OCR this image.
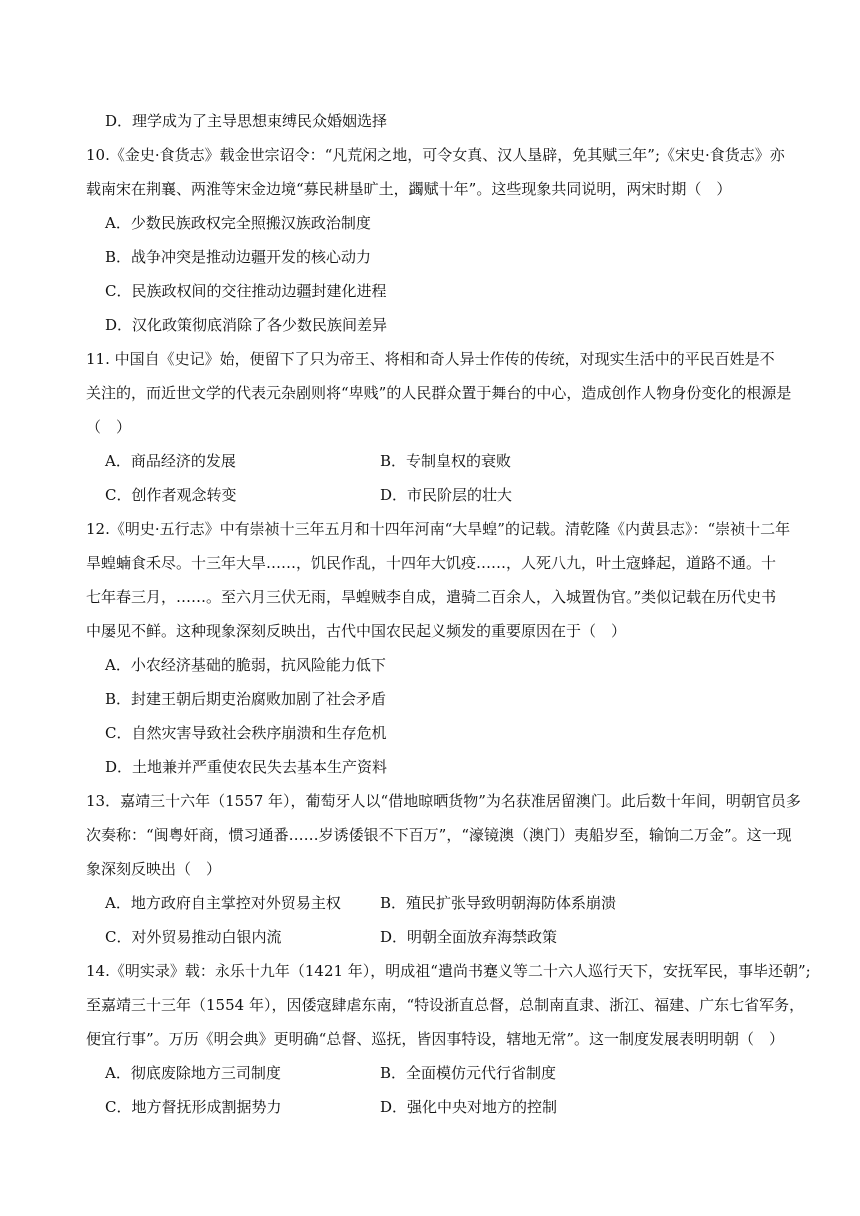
D．理学成为了主导思想束缚民众婚姻选择
10.《金史·食货志》载金世宗诏令：“凡荒闲之地，可令女真、汉人垦辟，免其赋三年”;《宋史·食货志》亦
载南宋在荆襄、两淮等宋金边境“募民耕垦旷土，蠲赋十年”。这些现象共同说明，两宋时期（　）
A．少数民族政权完全照搬汉族政治制度
B．战争冲突是推动边疆开发的核心动力
C．民族政权间的交往推动边疆封建化进程
D．汉化政策彻底消除了各少数民族间差异
11. 中国自《史记》始，便留下了只为帝王、将相和奇人异士作传的传统，对现实生活中的平民百姓是不
关注的，而近世文学的代表元杂剧则将“卑贱”的人民群众置于舞台的中心，造成创作人物身份变化的根源是
（　）
A．商品经济的发展	B．专制皇权的衰败
C．创作者观念转变	D．市民阶层的壮大
12.《明史·五行志》中有崇祯十三年五月和十四年河南“大旱蝗”的记载。清乾隆《内黄县志》：“崇祯十二年
旱蝗蝻食禾尽。十三年大旱……，饥民作乱，十四年大饥疫……，人死八九，叶土寇蜂起，道路不通。十
七年春三月，……。至六月三伏无雨，旱蝗贼李自成，遣骑二百余人，入城置伪官。”类似记载在历代史书
中屡见不鲜。这种现象深刻反映出，古代中国农民起义频发的重要原因在于（　）
A．小农经济基础的脆弱，抗风险能力低下
B．封建王朝后期吏治腐败加剧了社会矛盾
C．自然灾害导致社会秩序崩溃和生存危机
D．土地兼并严重使农民失去基本生产资料
13．嘉靖三十六年（1557 年），葡萄牙人以“借地晾晒货物”为名获准居留澳门。此后数十年间，明朝官员多
次奏称：“闽粤奸商，惯习通番……岁诱倭银不下百万”，“濠镜澳（澳门）夷船岁至，输饷二万金”。这一现
象深刻反映出（　）
A．地方政府自主掌控对外贸易主权	B．殖民扩张导致明朝海防体系崩溃
C．对外贸易推动白银内流	D．明朝全面放弃海禁政策
14.《明实录》载：永乐十九年（1421 年），明成祖“遣尚书蹇义等二十六人巡行天下，安抚军民，事毕还朝”;
至嘉靖三十三年（1554 年），因倭寇肆虐东南，“特设浙直总督，总制南直隶、浙江、福建、广东七省军务，
便宜行事”。万历《明会典》更明确“总督、巡抚，皆因事特设，辖地无常”。这一制度发展表明明朝（　）
A．彻底废除地方三司制度	B．全面模仿元代行省制度
C．地方督抚形成割据势力	D．强化中央对地方的控制
